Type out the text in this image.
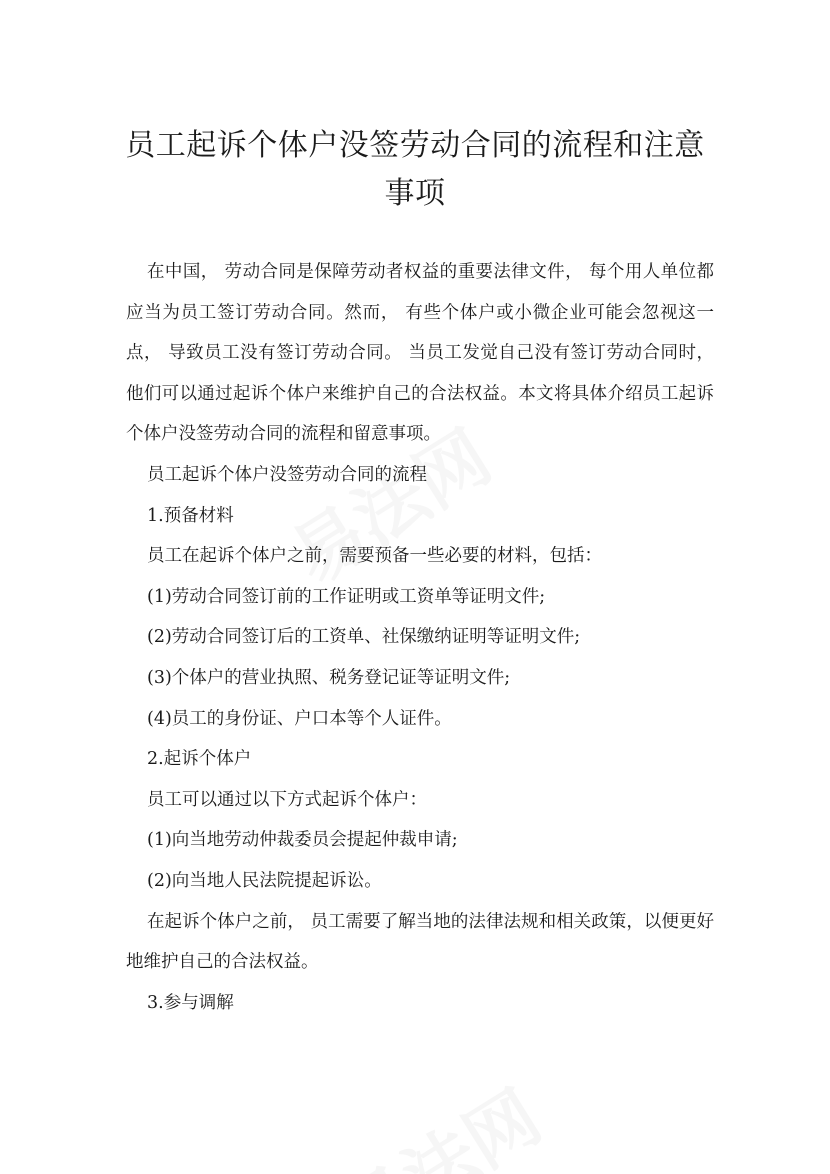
员工起诉个体户没签劳动合同的流程和注意事项

在中国， 劳动合同是保障劳动者权益的重要法律文件， 每个用人单位都应当为员工签订劳动合同。然而， 有些个体户或小微企业可能会忽视这一点， 导致员工没有签订劳动合同。 当员工发觉自己没有签订劳动合同时， 他们可以通过起诉个体户来维护自己的合法权益。本文将具体介绍员工起诉个体户没签劳动合同的流程和留意事项。

员工起诉个体户没签劳动合同的流程

1.预备材料

员工在起诉个体户之前，需要预备一些必要的材料，包括：

(1)劳动合同签订前的工作证明或工资单等证明文件;

(2)劳动合同签订后的工资单、社保缴纳证明等证明文件;

(3)个体户的营业执照、税务登记证等证明文件;

(4)员工的身份证、户口本等个人证件。

2.起诉个体户

员工可以通过以下方式起诉个体户：

(1)向当地劳动仲裁委员会提起仲裁申请;

(2)向当地人民法院提起诉讼。

在起诉个体户之前， 员工需要了解当地的法律法规和相关政策，以便更好地维护自己的合法权益。

3.参与调解
